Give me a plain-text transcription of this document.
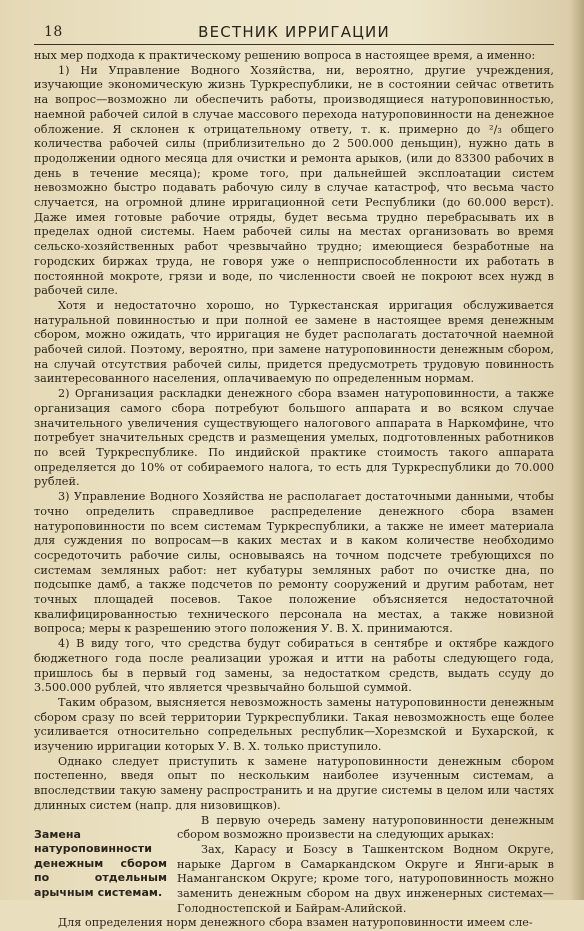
18	ВЕСТНИК ИРРИГАЦИИ

ных мер подхода к практическому решению вопроса в настоящее время, а именно:

1) Ни Управление Водного Хозяйства, ни, вероятно, другие учреждения, изучающие экономическую жизнь Туркреспублики, не в состоянии сейчас ответить на вопрос—возможно ли обеспечить работы, производящиеся натуроповинностью, наемной рабочей силой в случае массового перехода натуроповинности на денежное обложение. Я склонен к отрицательному ответу, т. к. примерно до ²/₃ общего количества рабочей силы (приблизительно до 2 500.000 деньщин), нужно дать в продолжении одного месяца для очистки и ремонта арыков, (или до 83300 рабочих в день в течение месяца); кроме того, при дальнейшей эксплоатации систем невозможно быстро подавать рабочую силу в случае катастроф, что весьма часто случается, на огромной длине ирригационной сети Республики (до 60.000 верст). Даже имея готовые рабочие отряды, будет весьма трудно перебрасывать их в пределах одной системы. Наем рабочей силы на местах организовать во время сельско-хозяйственных работ чрезвычайно трудно; имеющиеся безработные на городских биржах труда, не говоря уже о непприспособленности их работать в постоянной мокроте, грязи и воде, по численности своей не покроют всех нужд в рабочей силе.

Хотя и недостаточно хорошо, но Туркестанская ирригация обслуживается натуральной повинностью и при полной ее замене в настоящее время денежным сбором, можно ожидать, что ирригация не будет располагать достаточной наемной рабочей силой. Поэтому, вероятно, при замене натуроповинности денежным сбором, на случай отсутствия рабочей силы, придется предусмотреть трудовую повинность заинтересованного населения, оплачиваемую по определенным нормам.

2) Организация раскладки денежного сбора взамен натуроповинности, а также организация самого сбора потребуют большого аппарата и во всяком случае значительного увеличения существующего налогового аппарата в Наркомфине, что потребует значительных средств и размещения умелых, подготовленных работников по всей Туркреспублике. По индийской практике стоимость такого аппарата определяется до 10% от собираемого налога, то есть для Туркреспублики до 70.000 рублей.

3) Управление Водного Хозяйства не располагает достаточными данными, чтобы точно определить справедливое распределение денежного сбора взамен натуроповинности по всем системам Туркреспублики, а также не имеет материала для суждения по вопросам—в каких местах и в каком количестве необходимо сосредоточить рабочие силы, основываясь на точном подсчете требующихся по системам земляных работ: нет кубатуры земляных работ по очистке дна, по подсыпке дамб, а также подсчетов по ремонту сооружений и другим работам, нет точных площадей посевов. Такое положение объясняется недостаточной квалифицированностью технического персонала на местах, а также новизной вопроса; меры к разрешению этого положения У. В. Х. принимаются.

4) В виду того, что средства будут собираться в сентябре и октябре каждого бюджетного года после реализации урожая и итти на работы следующего года, пришлось бы в первый год замены, за недостатком средств, выдать ссуду до 3.500.000 рублей, что является чрезвычайно большой суммой.

Таким образом, выясняется невозможность замены натуроповинности денежным сбором сразу по всей территории Туркреспублики. Такая невозможность еще более усиливается относительно сопредельных республик—Хорезмской и Бухарской, к изучению ирригации которых У. В. Х. только приступило.

Однако следует приступить к замене натуроповинности денежным сбором постепенно, введя опыт по нескольким наиболее изученным системам, а впоследствии такую замену распространить и на другие системы в целом или частях длинных систем (напр. для низовищков).

Замена натуроповинности денежным сбором по отдельным арычным системам.

В первую очередь замену натуроповинности денежным сбором возможно произвести на следующих арыках:

Зах, Карасу и Бозсу в Ташкентском Водном Округе, нарыке Даргом в Самаркандском Округе и Янги-арык в Наманганском Округе; кроме того, натуроповинность можно заменить денежным сбором на двух инженерных системах—Голодностепской и Байрам-Алийской.

Для определения норм денежного сбора взамен натуроповинности имеем сле-
